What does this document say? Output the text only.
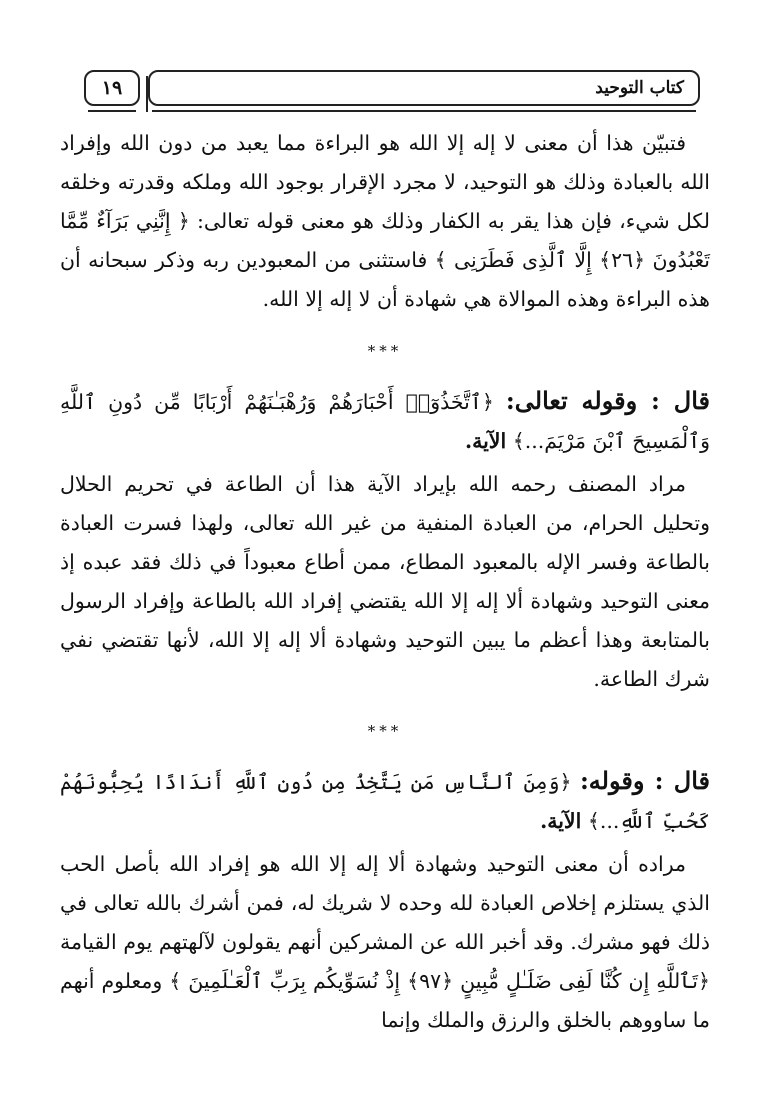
كتاب التوحيد
١٩

فتبيّن هذا أن معنى لا إله إلا الله هو البراءة مما يعبد من دون الله وإفراد الله بالعبادة وذلك هو التوحيد، لا مجرد الإقرار بوجود الله وملكه وقدرته وخلقه لكل شيء، فإن هذا يقر به الكفار وذلك هو معنى قوله تعالى: ﴿ إِنَّنِي بَرَآءٌ مِّمَّا تَعْبُدُونَ ﴿٢٦﴾ إِلَّا ٱلَّذِى فَطَرَنِى ﴾ فاستثنى من المعبودين ربه وذكر سبحانه أن هذه البراءة وهذه الموالاة هي شهادة أن لا إله إلا الله.

***

قال : وقوله تعالى: ﴿ٱتَّخَذُوٓا۟ أَحْبَارَهُمْ وَرُهْبَـٰنَهُمْ أَرْبَابًا مِّن دُونِ ٱللَّهِ وَٱلْمَسِيحَ ٱبْنَ مَرْيَمَ...﴾ الآية.

مراد المصنف رحمه الله بإيراد الآية هذا أن الطاعة في تحريم الحلال وتحليل الحرام، من العبادة المنفية من غير الله تعالى، ولهذا فسرت العبادة بالطاعة وفسر الإله بالمعبود المطاع، ممن أطاع معبوداً في ذلك فقد عبده إذ معنى التوحيد وشهادة ألا إله إلا الله يقتضي إفراد الله بالطاعة وإفراد الرسول بالمتابعة وهذا أعظم ما يبين التوحيد وشهادة ألا إله إلا الله، لأنها تقتضي نفي شرك الطاعة.

***

قال : وقوله: ﴿وَمِنَ ٱلنَّاسِ مَن يَتَّخِذُ مِن دُونِ ٱللَّهِ أَندَادًا يُحِبُّونَهُمْ كَحُبِّ ٱللَّهِ...﴾ الآية.

مراده أن معنى التوحيد وشهادة ألا إله إلا الله هو إفراد الله بأصل الحب الذي يستلزم إخلاص العبادة لله وحده لا شريك له، فمن أشرك بالله تعالى في ذلك فهو مشرك. وقد أخبر الله عن المشركين أنهم يقولون لآلهتهم يوم القيامة ﴿تَٱللَّهِ إِن كُنَّا لَفِى ضَلَـٰلٍ مُّبِينٍ ﴿٩٧﴾ إِذْ نُسَوِّيكُم بِرَبِّ ٱلْعَـٰلَمِينَ ﴾ ومعلوم أنهم ما ساووهم بالخلق والرزق والملك وإنما
